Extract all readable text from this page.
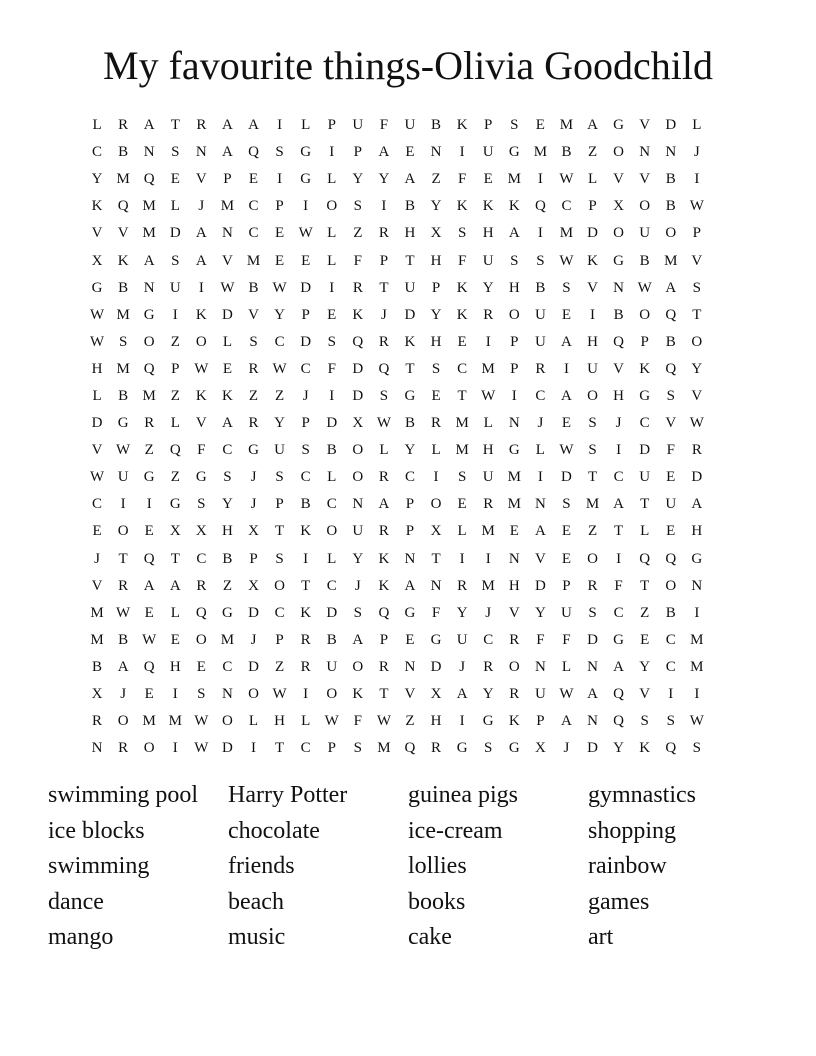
My favourite things-Olivia Goodchild
L	R	A	T	R	A	A	I	L	P	U	F	U	B	K	P	S	E M A	G	V	D	L
C	B	N	S	N	A	Q	S	G	I	P	A	E	N	I	U	G M B	Z	O	N	N	J
Y M Q	E	V	P	E	I	G	L	Y	Y	A	Z	F	E M	I	W L	V	V	B	I
K	Q M L	J	M C	P	I	O	S	I	B	Y	K	K	K	Q	C	P	X	O	B W
V	V M D	A	N	C	E W L	Z	R	H	X	S	H	A	I	M D	O	U	O	P
X	K	A	S	A	V M E	E	L	F	P	T	H	F	U	S	S W K	G	B M V
G	B	N	U	I	W B W D	I	R	T	U	P	K	Y	H	B	S	V	N W A	S
W M G	I	K	D	V	Y	P	E	K	J	D	Y	K	R	O	U	E	I	B	O	Q	T
W S	O	Z	O	L	S	C	D	S	Q	R	K	H	E	I	P	U	A	H	Q	P	B	O
H M Q	P W E	R W C	F	D	Q	T	S	C M	P	R	I	U	V	K	Q	Y
L	B M Z	K	K	Z	Z	J	I	D	S	G	E	T W	I	C	A	O	H	G	S	V
D	G	R	L	V	A	R	Y	P	D	X W B	R M L	N	J	E	S	J	C	V W
V W Z	Q	F	C	G	U	S	B	O	L	Y	L M H	G	L W S	I	D	F	R
W U	G	Z	G	S	J	S	C	L	O	R	C	I	S	U M	I	D	T	C	U	E	D
C	I	I	G	S	Y	J	P	B	C	N	A	P	O	E	R M N	S	M A	T	U	A
E	O	E	X	X	H	X	T	K	O	U	R	P	X	L M E	A	E	Z	T	L	E	H
J	T	Q	T	C	B	P	S	I	L	Y	K	N	T	I	I	N	V	E	O	I	Q	Q	G
V	R	A	A	R	Z	X	O	T	C	J	K	A	N	R M H	D	P	R	F	T	O	N
M W E	L	Q	G	D	C	K	D	S	Q	G	F	Y	J	V	Y	U	S	C	Z	B	I
M B W E	O M	J	P	R	B	A	P	E	G	U	C	R	F	F	D	G	E	C M
B	A	Q	H	E	C	D	Z	R	U	O	R	N	D	J	R	O	N	L	N	A	Y	C M
X	J	E	I	S	N	O W	I	O	K	T	V	X	A	Y	R	U W A	Q	V	I	I
R	O M M W O	L	H	L W F W Z	H	I	G	K	P	A	N	Q	S	S W
N	R	O	I	W D	I	T	C	P	S	M Q	R	G	S	G	X	J	D	Y	K	Q	S
swimming pool	Harry Potter	guinea pigs	gymnastics
ice blocks	chocolate	ice-cream	shopping
swimming	friends	lollies	rainbow
dance	beach	books	games
mango	music	cake	art
